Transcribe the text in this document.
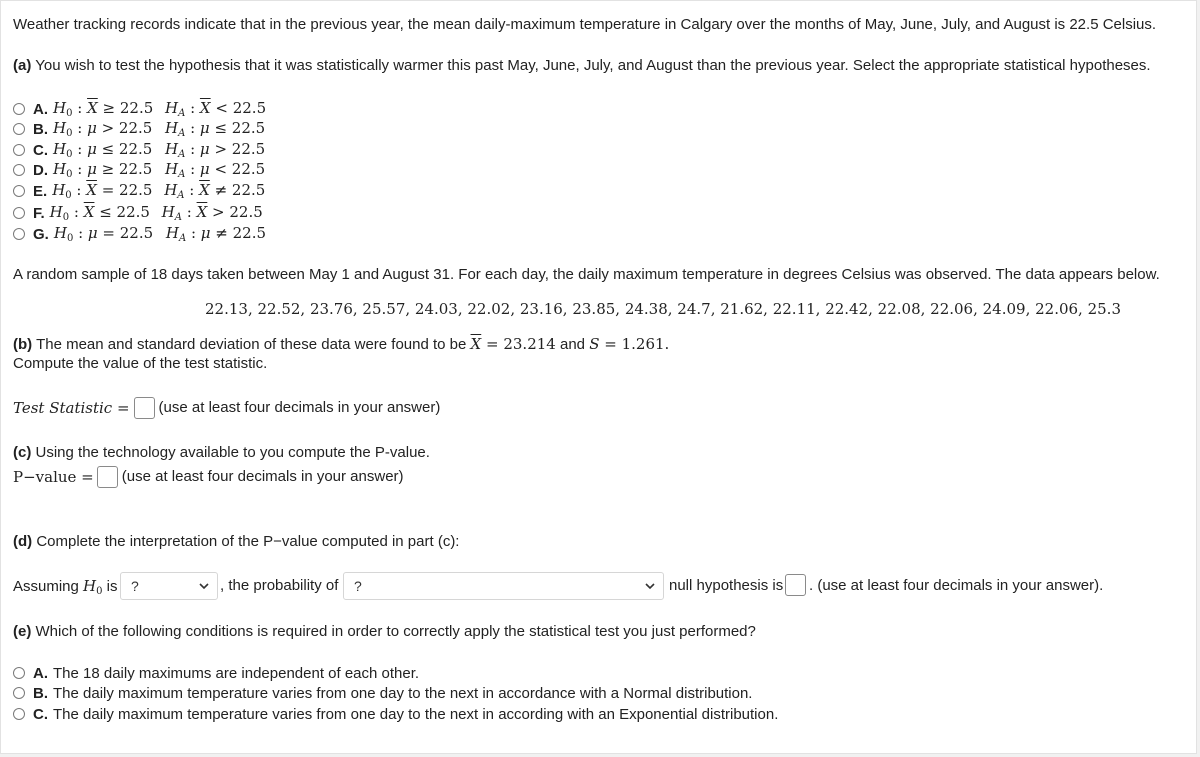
Weather tracking records indicate that in the previous year, the mean daily-maximum temperature in Calgary over the months of May, June, July, and August is 22.5 Celsius.
(a) You wish to test the hypothesis that it was statistically warmer this past May, June, July, and August than the previous year. Select the appropriate statistical hypotheses.
A. $H_0$ : $\overline{X} \ge 22.5$ $H_A$ : $\overline{X} < 22.5$
B. $H_0$ : μ > 22.5 $H_A$ : μ ≤ 22.5
C. $H_0$ : μ ≤ 22.5 $H_A$ : μ > 22.5
D. $H_0$ : μ ≥ 22.5 $H_A$ : μ < 22.5
E. $H_0$ : $\overline{X} = 22.5$ $H_A$ : $\overline{X} \ne 22.5$
F. $H_0$ : $\overline{X} \le 22.5$ $H_A$ : $\overline{X} > 22.5$
G. $H_0$ : μ = 22.5 $H_A$ : μ ≠ 22.5
A random sample of 18 days taken between May 1 and August 31. For each day, the daily maximum temperature in degrees Celsius was observed. The data appears below.
22.13, 22.52, 23.76, 25.57, 24.03, 22.02, 23.16, 23.85, 24.38, 24.7, 21.62, 22.11, 22.42, 22.08, 22.06, 24.09, 22.06, 25.3
(b) The mean and standard deviation of these data were found to be $\overline{X} = 23.214$ and S = 1.261.
Compute the value of the test statistic.
Test Statistic = (use at least four decimals in your answer)
(c) Using the technology available to you compute the P-value.
P−value = (use at least four decimals in your answer)
(d) Complete the interpretation of the P−value computed in part (c):
Assuming $H_0$ is ?	, the probability of ?	null hypothesis is . (use at least four decimals in your answer).
(e) Which of the following conditions is required in order to correctly apply the statistical test you just performed?
A. The 18 daily maximums are independent of each other.
B. The daily maximum temperature varies from one day to the next in accordance with a Normal distribution.
C. The daily maximum temperature varies from one day to the next in according with an Exponential distribution.
